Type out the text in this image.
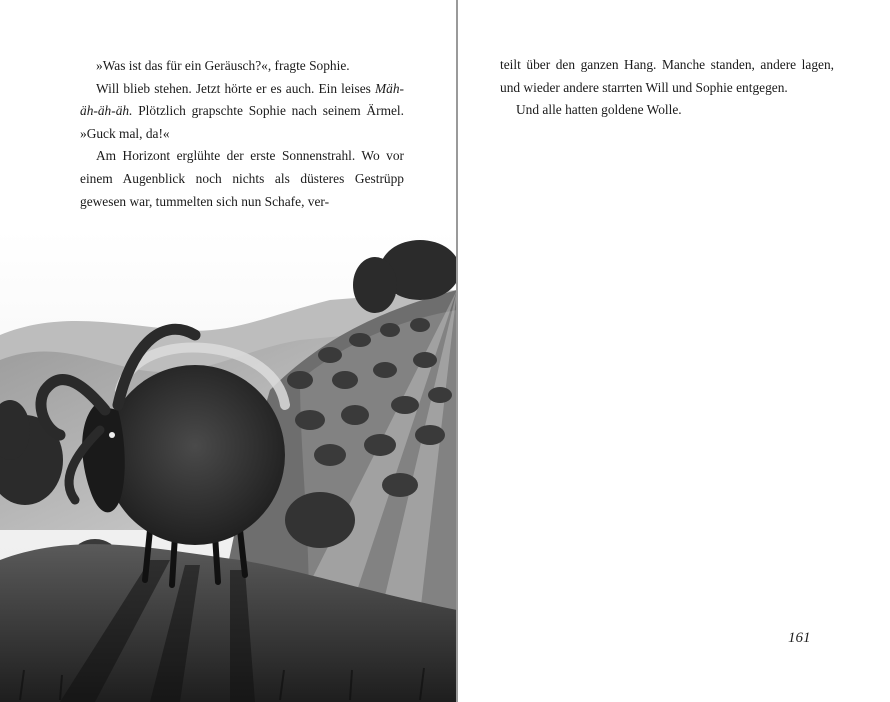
»Was ist das für ein Geräusch?«, fragte Sophie.

Will blieb stehen. Jetzt hörte er es auch. Ein leises Mäh-äh-äh-äh. Plötzlich grapschte Sophie nach seinem Ärmel. »Guck mal, da!«

Am Horizont erglühte der erste Sonnenstrahl. Wo vor einem Augenblick noch nichts als düsteres Gestrüpp gewesen war, tummelten sich nun Schafe, ver-

teilt über den ganzen Hang. Manche standen, andere lagen, und wieder andere starrten Will und Sophie entgegen.

Und alle hatten goldene Wolle.

161
